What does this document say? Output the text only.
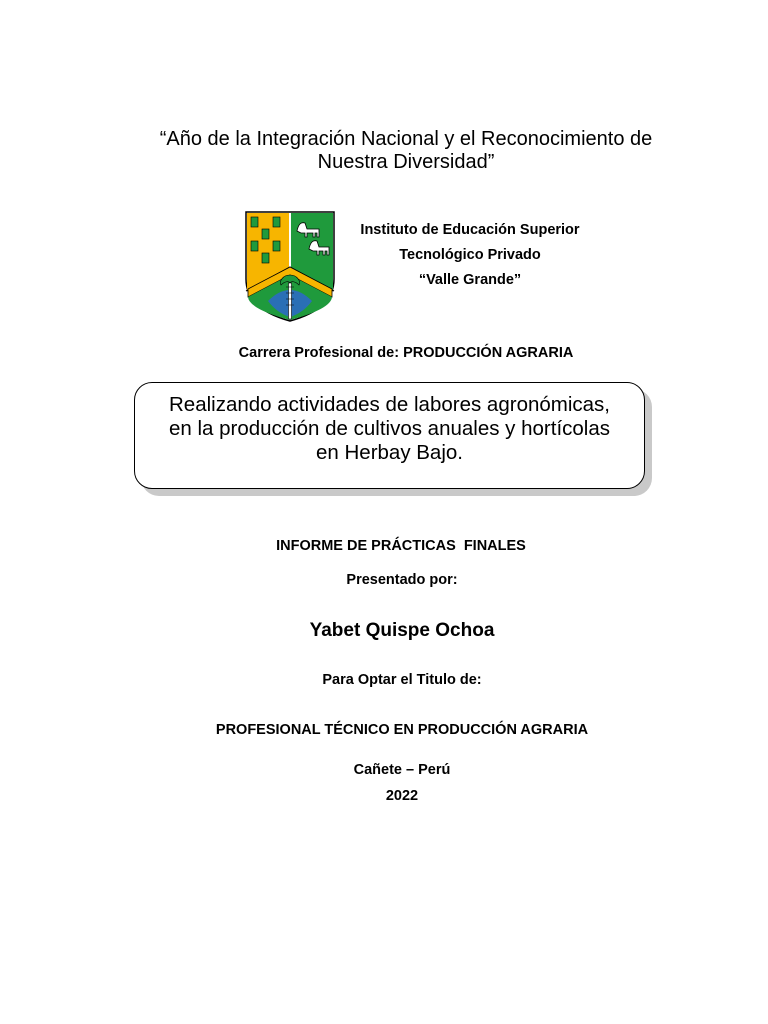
“Año de la Integración Nacional y el Reconocimiento de
Nuestra Diversidad”
Instituto de Educación Superior
Tecnológico Privado
“Valle Grande”
Carrera Profesional de: PRODUCCIÓN AGRARIA
Realizando actividades de labores agronómicas,
en la producción de cultivos anuales y hortícolas
en Herbay Bajo.
INFORME DE PRÁCTICAS  FINALES
Presentado por:
Yabet Quispe Ochoa
Para Optar el Titulo de:
PROFESIONAL TÉCNICO EN PRODUCCIÓN AGRARIA
Cañete – Perú
2022
